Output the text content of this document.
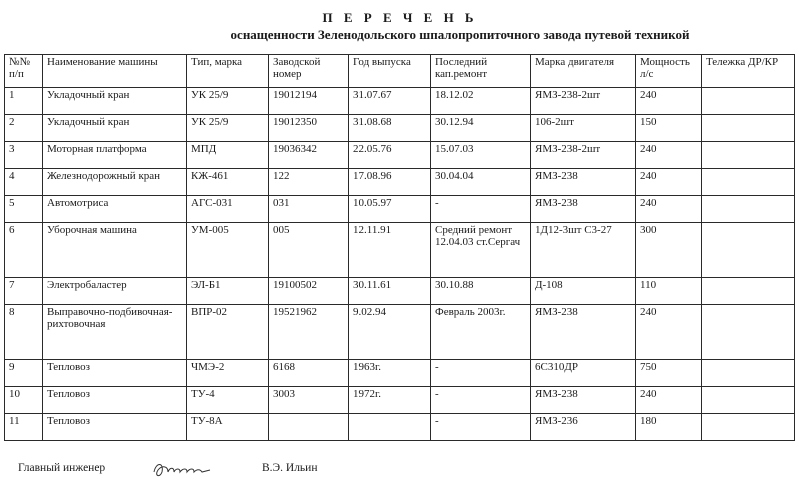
П Е Р Е Ч Е Н Ь
оснащенности Зеленодольского шпалопропиточного завода путевой техникой
№№ п/п	Наименование машины	Тип, марка	Заводской номер	Год выпуска	Последний кап.ремонт	Марка двигателя	Мощность л/с	Тележка ДР/КР
1	Укладочный кран	УК 25/9	19012194	31.07.67	18.12.02	ЯМЗ-238-2шт	240	
2	Укладочный кран	УК 25/9	19012350	31.08.68	30.12.94	106-2шт	150	
3	Моторная платформа	МПД	19036342	22.05.76	15.07.03	ЯМЗ-238-2шт	240	
4	Железнодорожный кран	КЖ-461	122	17.08.96	30.04.04	ЯМЗ-238	240	
5	Автомотриса	АГС-031	031	10.05.97	-	ЯМЗ-238	240	
6	Уборочная машина	УМ-005	005	12.11.91	Средний ремонт 12.04.03 ст.Сергач	1Д12-3шт С3-27	300	
7	Электробаластер	ЭЛ-Б1	19100502	30.11.61	30.10.88	Д-108	110	
8	Выправочно-подбивочная-рихтовочная	ВПР-02	19521962	9.02.94	Февраль 2003г.	ЯМЗ-238	240	
9	Тепловоз	ЧМЭ-2	6168	1963г.	-	6С310ДР	750	
10	Тепловоз	ТУ-4	3003	1972г.	-	ЯМЗ-238	240	
11	Тепловоз	ТУ-8А			-	ЯМЗ-236	180	
Главный инженер	В.Э. Ильин
